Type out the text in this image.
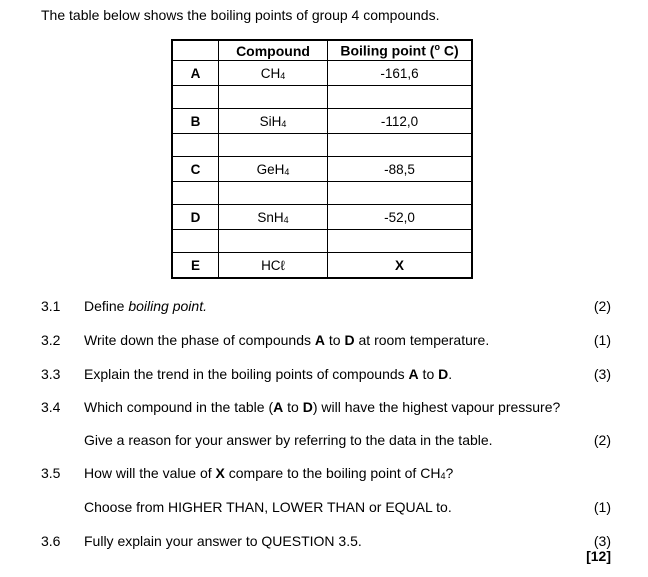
The table below shows the boiling points of group 4 compounds.
	Compound	Boiling point ($^o$ C)
A	$CH_4$	-161,6

B	SiH$_4$	-112,0

C	GeH$_4$	-88,5

D	SnH$_4$	-52,0

E	HCℓ	X
3.1 Define boiling point.	(2)
3.2 Write down the phase of compounds A to D at room temperature.	(1)
3.3 Explain the trend in the boiling points of compounds A to D.	(3)
3.4 Which compound in the table (A to D) will have the highest vapour pressure?
Give a reason for your answer by referring to the data in the table.	(2)
3.5 How will the value of X compare to the boiling point of $CH_4$?
Choose from HIGHER THAN, LOWER THAN or EQUAL to.	(1)
3.6 Fully explain your answer to QUESTION 3.5.	(3)
[12]
